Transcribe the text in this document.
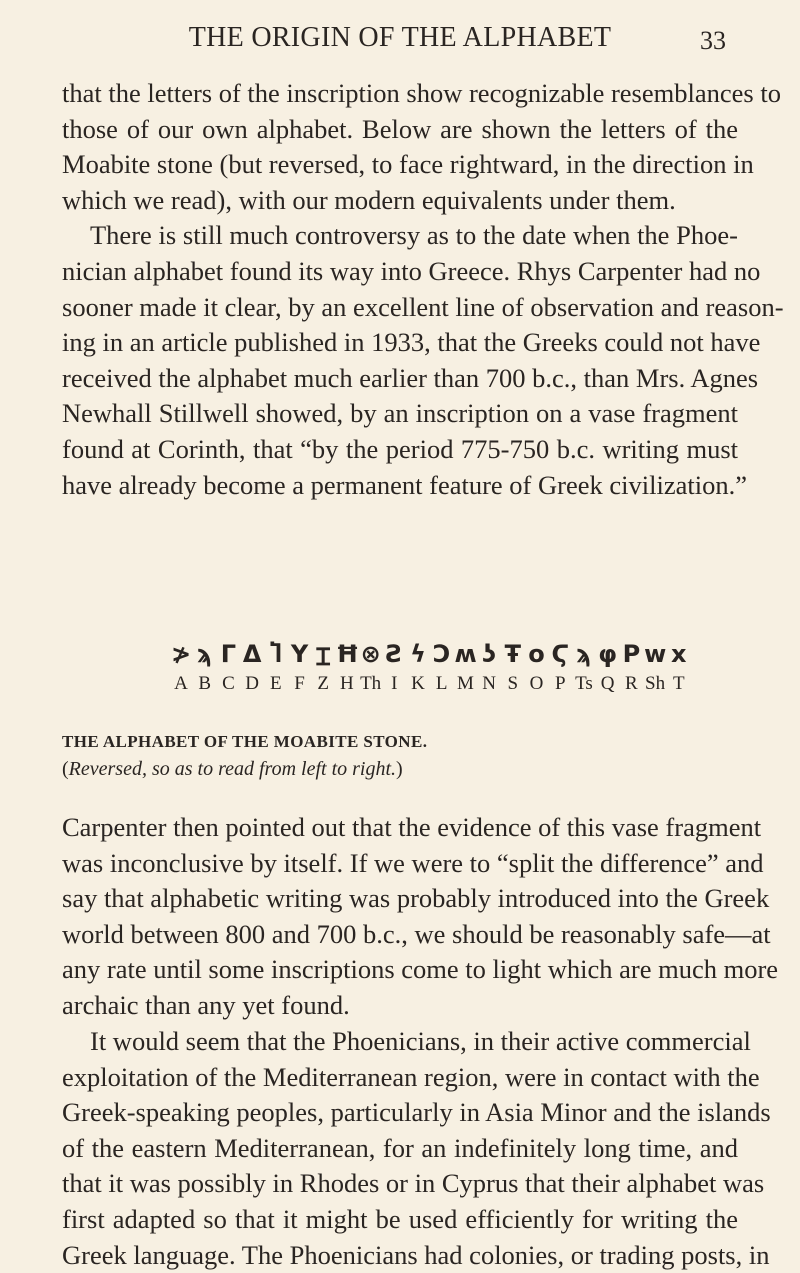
THE ORIGIN OF THE ALPHABET	33
that the letters of the inscription show recognizable resemblances to
those of our own alphabet. Below are shown the letters of the
Moabite stone (but reversed, to face rightward, in the direction in
which we read), with our modern equivalents under them.
There is still much controversy as to the date when the Phoe-
nician alphabet found its way into Greece. Rhys Carpenter had no
sooner made it clear, by an excellent line of observation and reason-
ing in an article published in 1933, that the Greeks could not have
received the alphabet much earlier than 700 b.c., than Mrs. Agnes
Newhall Stillwell showed, by an inscription on a vase fragment
found at Corinth, that “by the period 775-750 b.c. writing must
have already become a permanent feature of Greek civilization.”
≯ ϡ Γ Δ Ⴈ Y Ɪ Ħ ⊗ Ƨ ϟ Ɔ ʍ ʖ Ŧ o Ϛ ϡ φ Ρ w x
A B C D E F Z H Th I K L M N S O P Ts Q R Sh T
THE ALPHABET OF THE MOABITE STONE.
(Reversed, so as to read from left to right.)
Carpenter then pointed out that the evidence of this vase fragment
was inconclusive by itself. If we were to “split the difference” and
say that alphabetic writing was probably introduced into the Greek
world between 800 and 700 b.c., we should be reasonably safe—at
any rate until some inscriptions come to light which are much more
archaic than any yet found.
It would seem that the Phoenicians, in their active commercial
exploitation of the Mediterranean region, were in contact with the
Greek-speaking peoples, particularly in Asia Minor and the islands
of the eastern Mediterranean, for an indefinitely long time, and
that it was possibly in Rhodes or in Cyprus that their alphabet was
first adapted so that it might be used efficiently for writing the
Greek language. The Phoenicians had colonies, or trading posts, in
